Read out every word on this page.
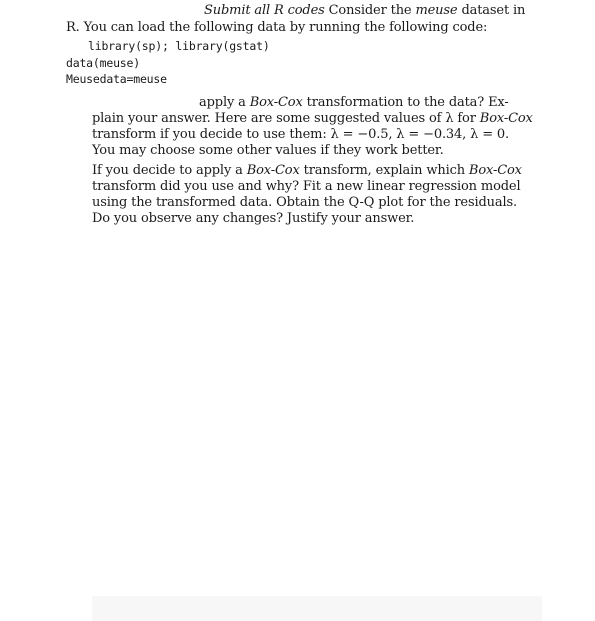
Submit all R codes Consider the meuse dataset in
R. You can load the following data by running the following code:
library(sp); library(gstat)
data(meuse)
Meusedata=meuse
apply a Box-Cox transformation to the data? Ex-
plain your answer. Here are some suggested values of λ for Box-Cox
transform if you decide to use them: λ = −0.5, λ = −0.34, λ = 0.
You may choose some other values if they work better.
If you decide to apply a Box-Cox transform, explain which Box-Cox
transform did you use and why? Fit a new linear regression model
using the transformed data. Obtain the Q-Q plot for the residuals.
Do you observe any changes? Justify your answer.
